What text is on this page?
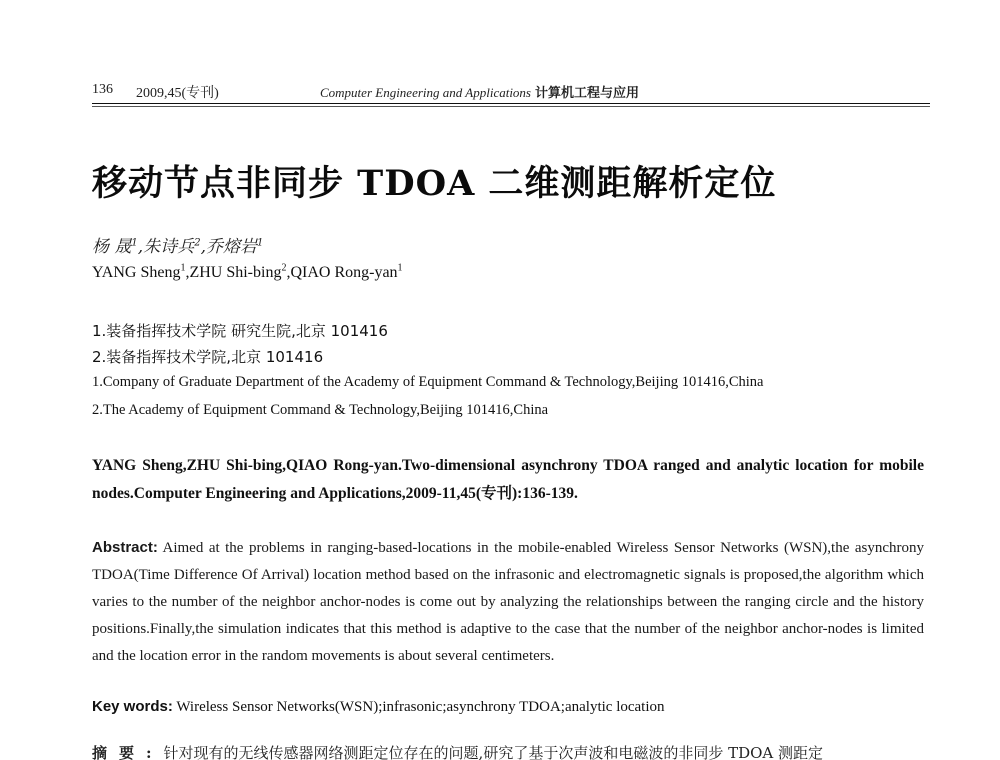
136 2009,45(专刊)	Computer Engineering and Applications 计算机工程与应用
移动节点非同步 TDOA 二维测距解析定位
杨 晟$^1$,朱诗兵$^2$,乔熔岩$^1$
YANG Sheng$^1$,ZHU Shi-bing$^2$,QIAO Rong-yan$^1$
1.装备指挥技术学院 研究生院,北京 101416
2.装备指挥技术学院,北京 101416
1.Company of Graduate Department of the Academy of Equipment Command & Technology,Beijing 101416,China
2.The Academy of Equipment Command & Technology,Beijing 101416,China
YANG Sheng,ZHU Shi-bing,QIAO Rong-yan.Two-dimensional asynchrony TDOA ranged and analytic location for mobile nodes.Computer Engineering and Applications,2009-11,45(专刊):136-139.
Abstract: Aimed at the problems in ranging-based-locations in the mobile-enabled Wireless Sensor Networks (WSN),the asynchrony TDOA(Time Difference Of Arrival) location method based on the infrasonic and electromagnetic signals is proposed,the algorithm which varies to the number of the neighbor anchor-nodes is come out by analyzing the relationships between the ranging circle and the history positions.Finally,the simulation indicates that this method is adaptive to the case that the number of the neighbor anchor-nodes is limited and the location error in the random movements is about several centimeters.
Key words: Wireless Sensor Networks(WSN);infrasonic;asynchrony TDOA;analytic location
摘要:针对现有的无线传感器网络测距定位存在的问题,研究了基于次声波和电磁波的非同步 TDOA 测距定
